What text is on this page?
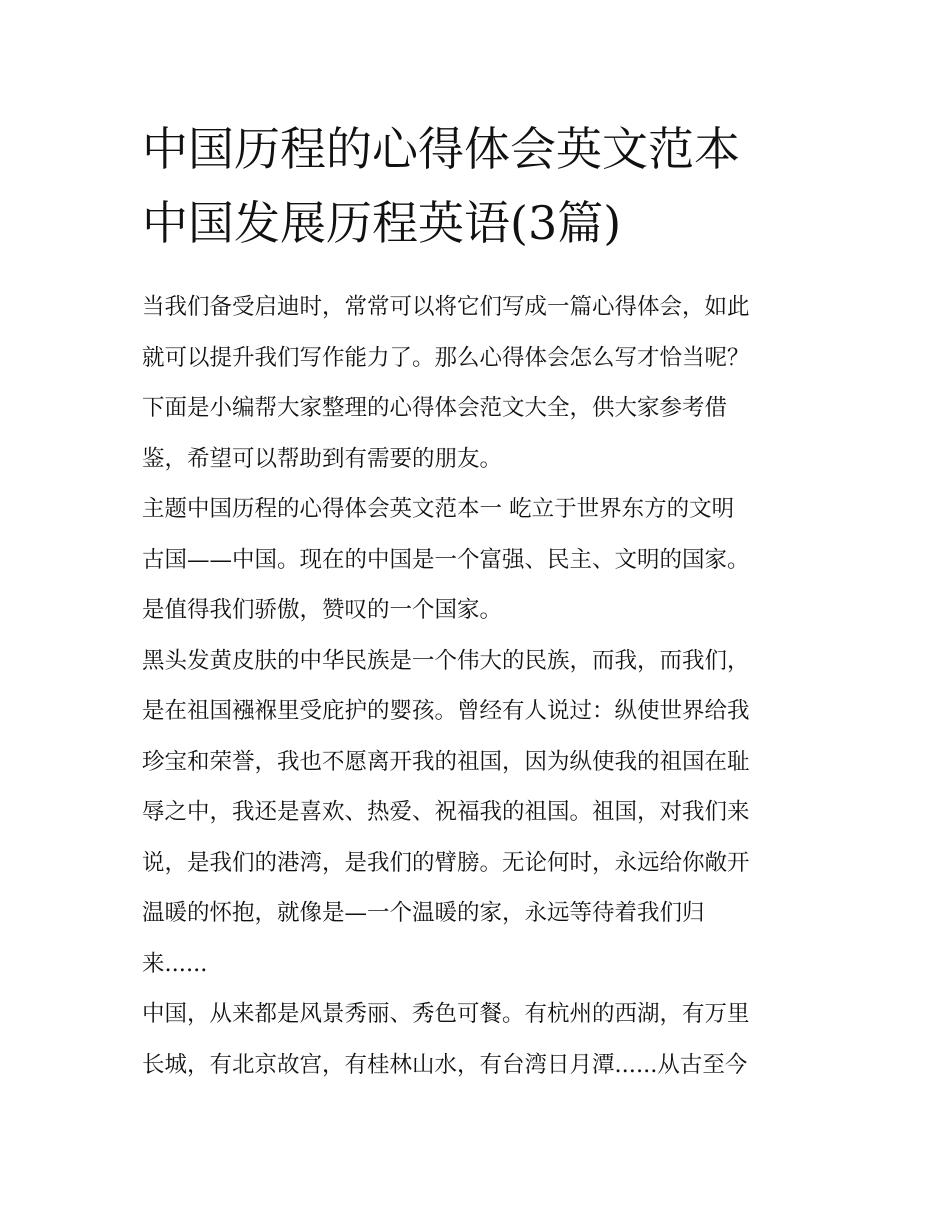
中国历程的心得体会英文范本
中国发展历程英语(3篇)

当我们备受启迪时，常常可以将它们写成一篇心得体会，如此
就可以提升我们写作能力了。那么心得体会怎么写才恰当呢？
下面是小编帮大家整理的心得体会范文大全，供大家参考借
鉴，希望可以帮助到有需要的朋友。

主题中国历程的心得体会英文范本一 屹立于世界东方的文明
古国——中国。现在的中国是一个富强、民主、文明的国家。
是值得我们骄傲，赞叹的一个国家。

黑头发黄皮肤的中华民族是一个伟大的民族，而我，而我们，
是在祖国襁褓里受庇护的婴孩。曾经有人说过：纵使世界给我
珍宝和荣誉，我也不愿离开我的祖国，因为纵使我的祖国在耻
辱之中，我还是喜欢、热爱、祝福我的祖国。祖国，对我们来
说，是我们的港湾，是我们的臂膀。无论何时，永远给你敞开
温暖的怀抱，就像是—一个温暖的家，永远等待着我们归
来......

中国，从来都是风景秀丽、秀色可餐。有杭州的西湖，有万里
长城，有北京故宫，有桂林山水，有台湾日月潭......从古至今
